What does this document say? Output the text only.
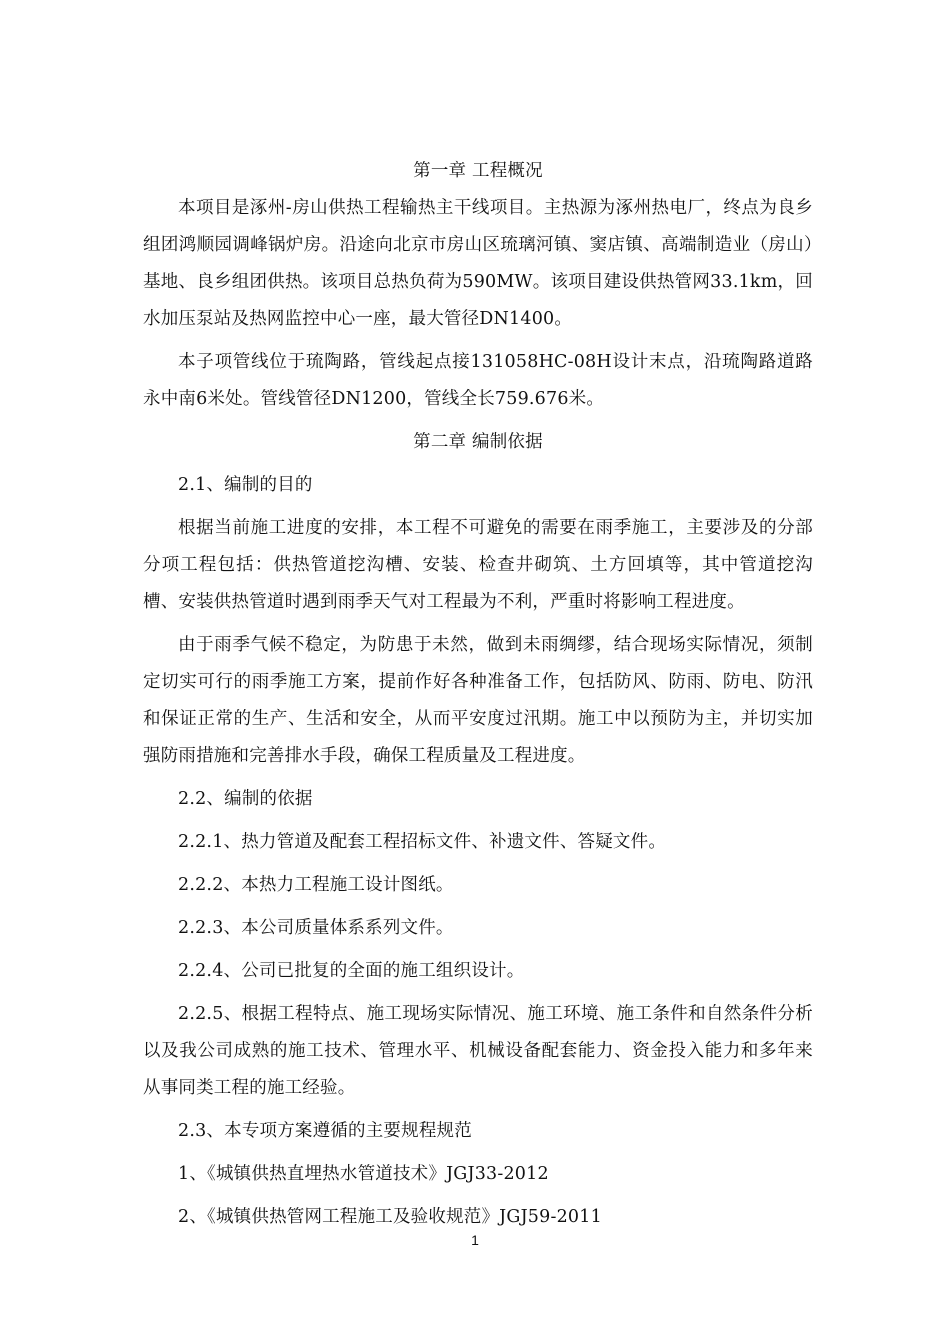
第一章 工程概况

本项目是涿州-房山供热工程输热主干线项目。主热源为涿州热电厂，终点为良乡组团鸿顺园调峰锅炉房。沿途向北京市房山区琉璃河镇、窦店镇、高端制造业（房山）基地、良乡组团供热。该项目总热负荷为590MW。该项目建设供热管网33.1km，回水加压泵站及热网监控中心一座，最大管径DN1400。

本子项管线位于琉陶路，管线起点接131058HC-08H设计末点，沿琉陶路道路永中南6米处。管线管径DN1200，管线全长759.676米。

第二章 编制依据

2.1、编制的目的

根据当前施工进度的安排，本工程不可避免的需要在雨季施工，主要涉及的分部分项工程包括：供热管道挖沟槽、安装、检查井砌筑、土方回填等，其中管道挖沟槽、安装供热管道时遇到雨季天气对工程最为不利，严重时将影响工程进度。

由于雨季气候不稳定，为防患于未然，做到未雨绸缪，结合现场实际情况，须制定切实可行的雨季施工方案，提前作好各种准备工作，包括防风、防雨、防电、防汛和保证正常的生产、生活和安全，从而平安度过汛期。施工中以预防为主，并切实加强防雨措施和完善排水手段，确保工程质量及工程进度。

2.2、编制的依据

2.2.1、热力管道及配套工程招标文件、补遗文件、答疑文件。

2.2.2、本热力工程施工设计图纸。

2.2.3、本公司质量体系系列文件。

2.2.4、公司已批复的全面的施工组织设计。

2.2.5、根据工程特点、施工现场实际情况、施工环境、施工条件和自然条件分析以及我公司成熟的施工技术、管理水平、机械设备配套能力、资金投入能力和多年来从事同类工程的施工经验。

2.3、本专项方案遵循的主要规程规范

1、《城镇供热直埋热水管道技术》JGJ33-2012

2、《城镇供热管网工程施工及验收规范》JGJ59-2011

1
